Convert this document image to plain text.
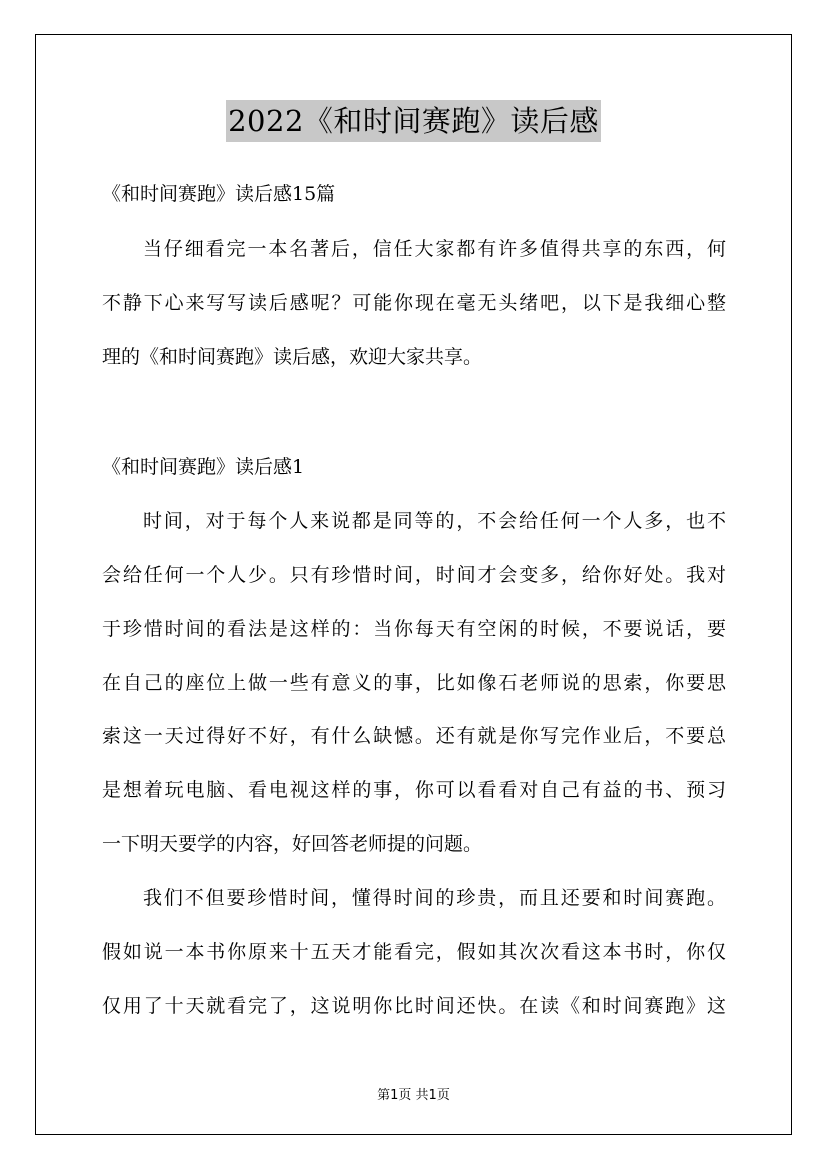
2022《和时间赛跑》读后感
《和时间赛跑》读后感15篇
当仔细看完一本名著后，信任大家都有许多值得共享的东西，何
不静下心来写写读后感呢？可能你现在毫无头绪吧，以下是我细心整
理的《和时间赛跑》读后感，欢迎大家共享。
《和时间赛跑》读后感1
时间，对于每个人来说都是同等的，不会给任何一个人多，也不
会给任何一个人少。只有珍惜时间，时间才会变多，给你好处。我对
于珍惜时间的看法是这样的：当你每天有空闲的时候，不要说话，要
在自己的座位上做一些有意义的事，比如像石老师说的思索，你要思
索这一天过得好不好，有什么缺憾。还有就是你写完作业后，不要总
是想着玩电脑、看电视这样的事，你可以看看对自己有益的书、预习
一下明天要学的内容，好回答老师提的问题。
我们不但要珍惜时间，懂得时间的珍贵，而且还要和时间赛跑。
假如说一本书你原来十五天才能看完，假如其次次看这本书时，你仅
仅用了十天就看完了，这说明你比时间还快。在读《和时间赛跑》这
第1页 共1页
